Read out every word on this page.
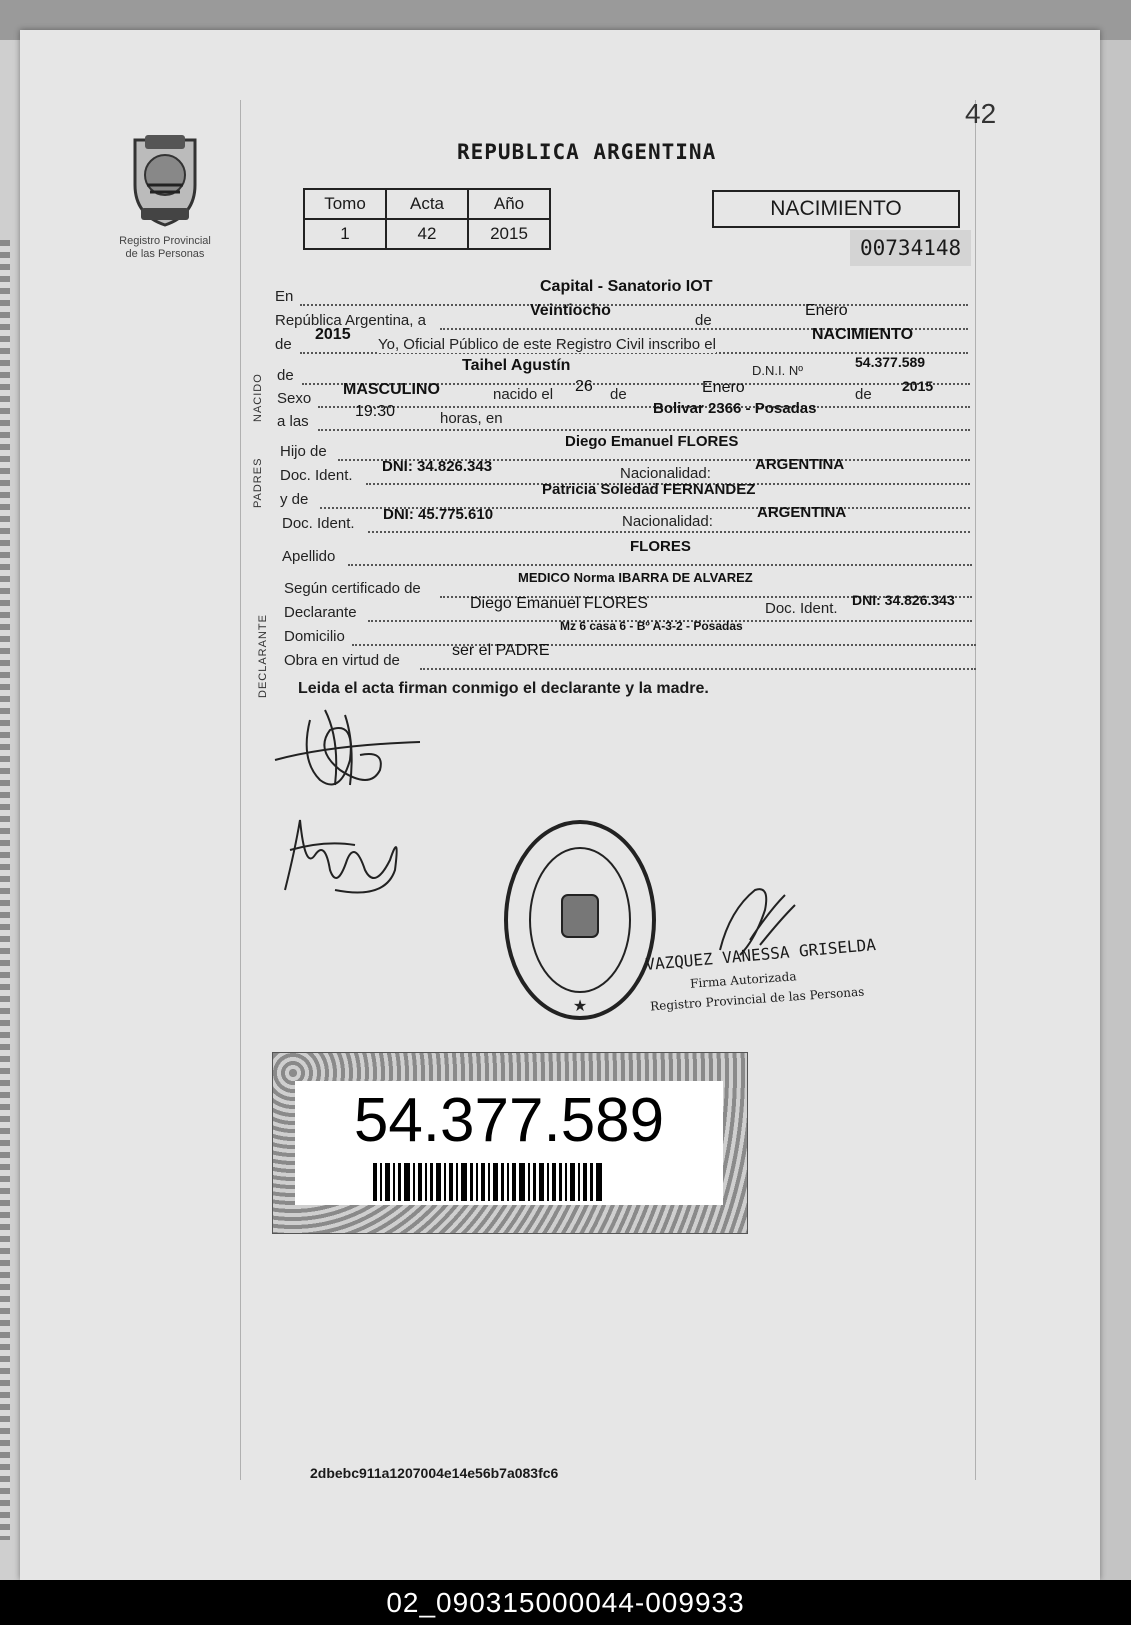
42
Registro Provincial
de las Personas
REPUBLICA ARGENTINA
Tomo	Acta	Año
1	42	2015
NACIMIENTO
00734148
En
Capital - Sanatorio IOT
República Argentina, a
Veintiocho
de
Enero
de
2015
Yo, Oficial Público de este Registro Civil inscribo el
NACIMIENTO
NACIDO de
Taihel Agustín	D.N.I. Nº
54.377.589
Sexo
MASCULINO	nacido el 26 de	Enero	de 2015
a las
19:30	horas, en
Bolivar 2366 - Posadas
PADRES
Hijo de
Diego Emanuel FLORES
Doc. Ident.
DNI: 34.826.343	Nacionalidad:
ARGENTINA
y de
Patricia Soledad FERNANDEZ
Doc. Ident.
DNI: 45.775.610	Nacionalidad:
ARGENTINA
Apellido
FLORES
DECLARANTE
Según certificado de
MEDICO Norma IBARRA DE ALVAREZ
Declarante
Diego Emanuel FLORES	Doc. Ident. DNI: 34.826.343
Domicilio
Mz 6 casa 6 - Bº A-3-2 - Posadas
Obra en virtud de
ser el PADRE
Leida el acta firman conmigo el declarante y la madre.
★
VAZQUEZ VANESSA GRISELDA
Firma Autorizada
Registro Provincial de las Personas
54.377.589
2dbebc911a1207004e14e56b7a083fc6
02_090315000044-009933
